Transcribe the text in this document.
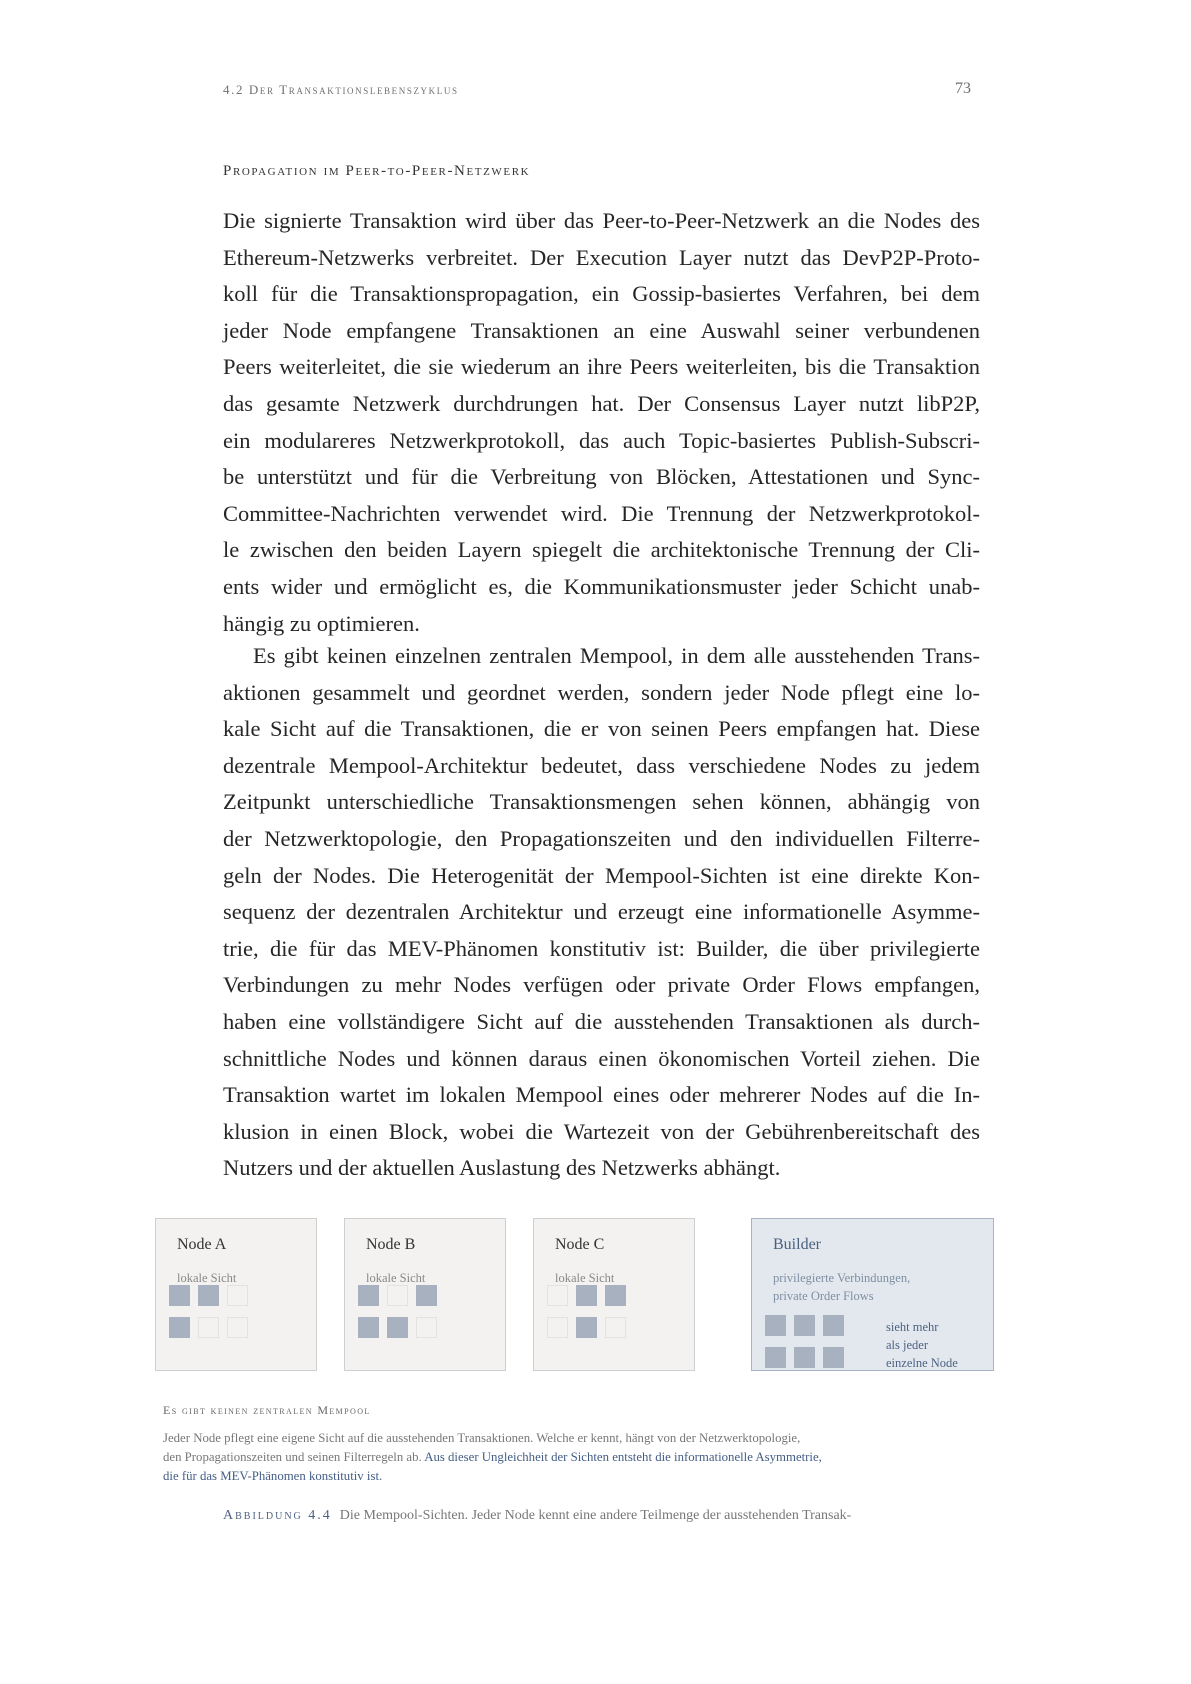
4.2 Der Transaktionslebenszyklus	73
Propagation im Peer-to-Peer-Netzwerk
Die signierte Transaktion wird über das Peer-to-Peer-Netzwerk an die Nodes des
Ethereum-Netzwerks verbreitet. Der Execution Layer nutzt das DevP2P-Proto-
koll für die Transaktionspropagation, ein Gossip-basiertes Verfahren, bei dem
jeder Node empfangene Transaktionen an eine Auswahl seiner verbundenen
Peers weiterleitet, die sie wiederum an ihre Peers weiterleiten, bis die Transaktion
das gesamte Netzwerk durchdrungen hat. Der Consensus Layer nutzt libP2P,
ein modulareres Netzwerkprotokoll, das auch Topic-basiertes Publish-Subscri-
be unterstützt und für die Verbreitung von Blöcken, Attestationen und Sync-
Committee-Nachrichten verwendet wird. Die Trennung der Netzwerkprotokol-
le zwischen den beiden Layern spiegelt die architektonische Trennung der Cli-
ents wider und ermöglicht es, die Kommunikationsmuster jeder Schicht unab-
hängig zu optimieren.
Es gibt keinen einzelnen zentralen Mempool, in dem alle ausstehenden Trans-
aktionen gesammelt und geordnet werden, sondern jeder Node pflegt eine lo-
kale Sicht auf die Transaktionen, die er von seinen Peers empfangen hat. Diese
dezentrale Mempool-Architektur bedeutet, dass verschiedene Nodes zu jedem
Zeitpunkt unterschiedliche Transaktionsmengen sehen können, abhängig von
der Netzwerktopologie, den Propagationszeiten und den individuellen Filterre-
geln der Nodes. Die Heterogenität der Mempool-Sichten ist eine direkte Kon-
sequenz der dezentralen Architektur und erzeugt eine informationelle Asymme-
trie, die für das MEV-Phänomen konstitutiv ist: Builder, die über privilegierte
Verbindungen zu mehr Nodes verfügen oder private Order Flows empfangen,
haben eine vollständigere Sicht auf die ausstehenden Transaktionen als durch-
schnittliche Nodes und können daraus einen ökonomischen Vorteil ziehen. Die
Transaktion wartet im lokalen Mempool eines oder mehrerer Nodes auf die In-
klusion in einen Block, wobei die Wartezeit von der Gebührenbereitschaft des
Nutzers und der aktuellen Auslastung des Netzwerks abhängt.
Node A
lokale Sicht
Node B
lokale Sicht
Node C
lokale Sicht
Builder
privilegierte Verbindungen,
private Order Flows
sieht mehr
als jeder
einzelne Node
Es gibt keinen zentralen Mempool
Jeder Node pflegt eine eigene Sicht auf die ausstehenden Transaktionen. Welche er kennt, hängt von der Netzwerktopologie,
den Propagationszeiten und seinen Filterregeln ab. Aus dieser Ungleichheit der Sichten entsteht die informationelle Asymmetrie,
die für das MEV-Phänomen konstitutiv ist.
Abbildung 4.4 Die Mempool-Sichten. Jeder Node kennt eine andere Teilmenge der ausstehenden Transak-
